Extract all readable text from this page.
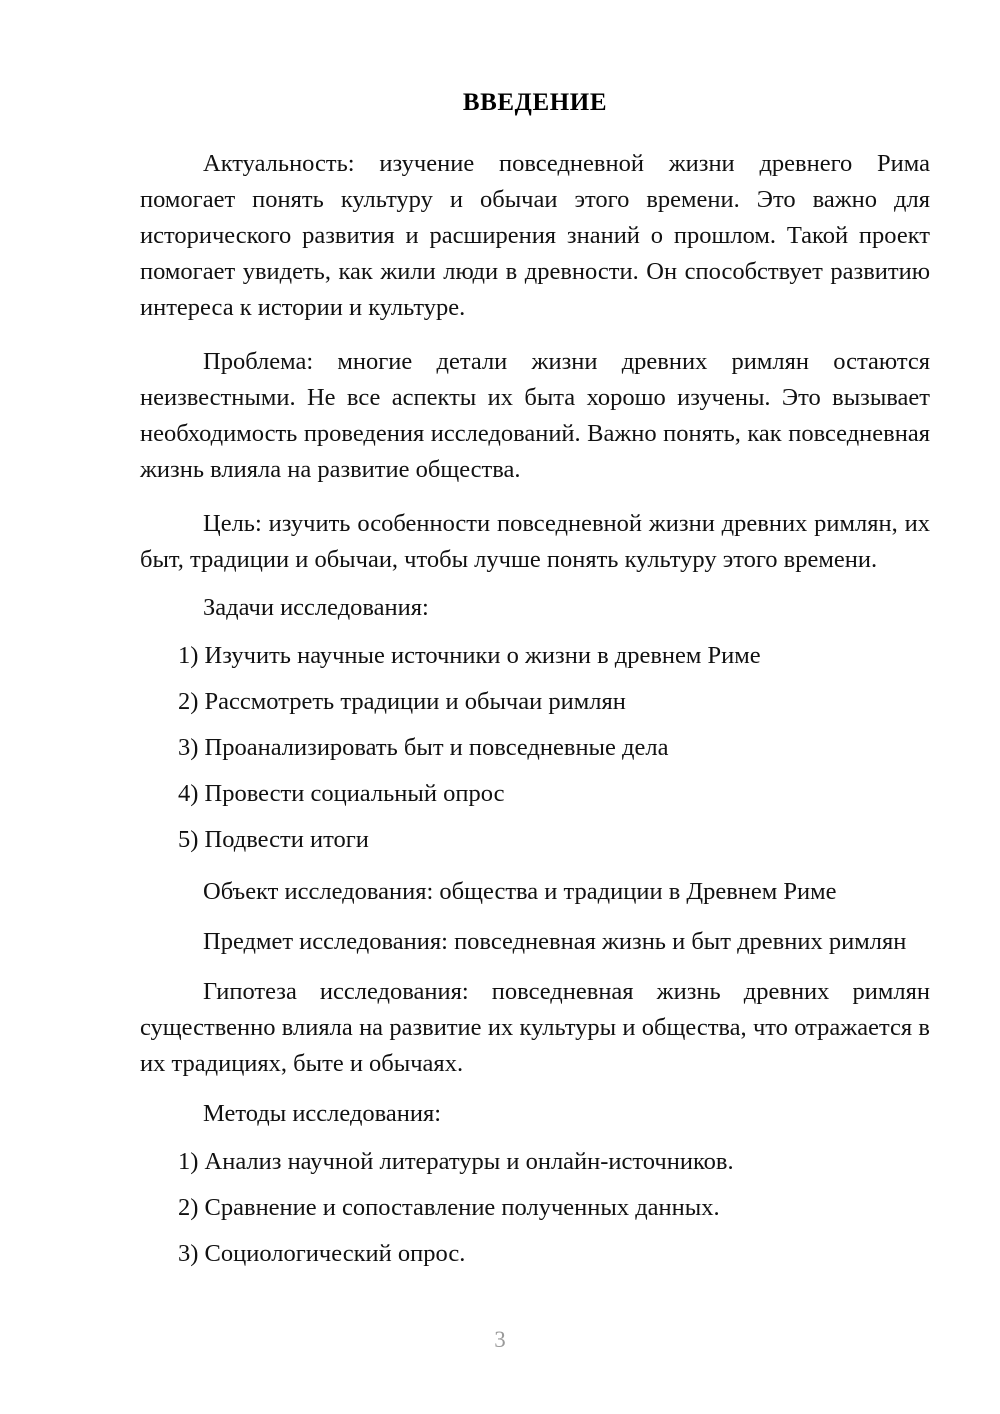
ВВЕДЕНИЕ

Актуальность: изучение повседневной жизни древнего Рима помогает понять культуру и обычаи этого времени. Это важно для исторического развития и расширения знаний о прошлом. Такой проект помогает увидеть, как жили люди в древности. Он способствует развитию интереса к истории и культуре.

Проблема: многие детали жизни древних римлян остаются неизвестными. Не все аспекты их быта хорошо изучены. Это вызывает необходимость проведения исследований. Важно понять, как повседневная жизнь влияла на развитие общества.

Цель: изучить особенности повседневной жизни древних римлян, их быт, традиции и обычаи, чтобы лучше понять культуру этого времени.

Задачи исследования:

1) Изучить научные источники о жизни в древнем Риме
2) Рассмотреть традиции и обычаи римлян
3) Проанализировать быт и повседневные дела
4) Провести социальный опрос
5) Подвести итоги

Объект исследования: общества и традиции в Древнем Риме

Предмет исследования: повседневная жизнь и быт древних римлян

Гипотеза исследования: повседневная жизнь древних римлян существенно влияла на развитие их культуры и общества, что отражается в их традициях, быте и обычаях.

Методы исследования:

1) Анализ научной литературы и онлайн-источников.
2) Сравнение и сопоставление полученных данных.
3) Социологический опрос.
3
